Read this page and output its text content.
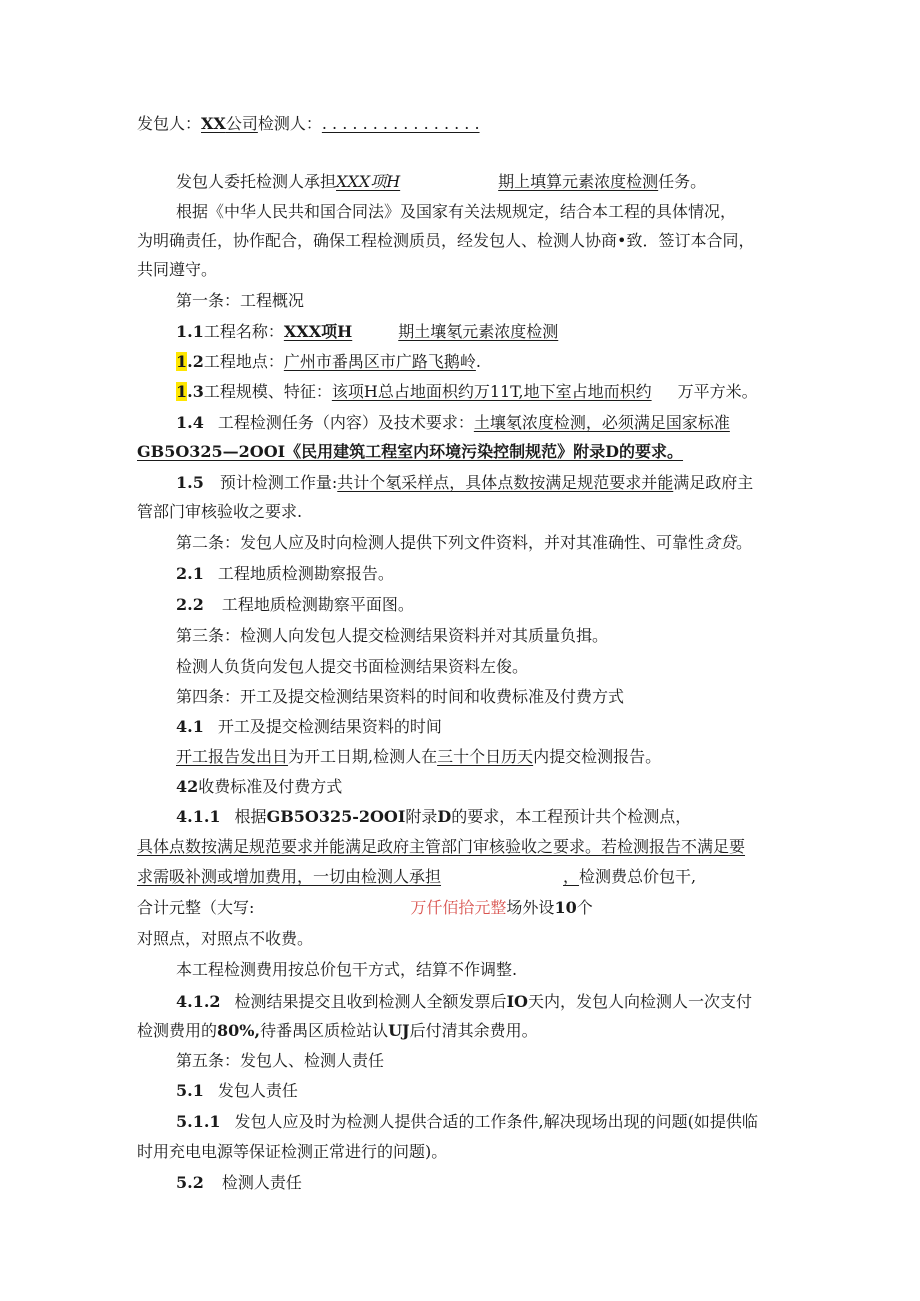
发包人：XX公司检测人：. . . . . . . . . . . . . . . .
发包人委托检测人承担XXX项H	期上填算元素浓度检测任务。
根据《中华人民共和国合同法》及国家有关法规规定，结合本工程的具体情况，
为明确责任，协作配合，确保工程检测质员，经发包人、检测人协商•致．签订本合同，
共同遵守。
第一条：工程概况
1.1工程名称：XXX项H	期土壤氡元素浓度检测
1.2工程地点：广州市番禺区市广路飞鹅岭.
1.3工程规模、特征：该项H总占地面枳约万11T,地下室占地而枳约 万平方米。
1.4 工程检测任务（内容）及技术要求：土壤氡浓度检测，必须满足国家标准
GB5O325—2OOI《民用建筑工程室内环境污染控制规范》附录D的要求。
1.5 预计检测工作量:共计个氡采样点，具体点数按满足规范要求并能满足政府主
管部门审核验收之要求.
第二条：发包人应及时向检测人提供下列文件资料，并对其准确性、可靠性贪贷。
2.1 工程地质检测勘察报告。
2.2 工程地质检测勘察平面图。
第三条：检测人向发包人提交检测结果资料并对其质量负揖。
检测人负货向发包人提交书面检测结果资料左俊。
第四条：开工及提交检测结果资料的时间和收费标准及付费方式
4.1 开工及提交检测结果资料的时间
开工报告发出日为开工日期,检测人在三十个日历天内提交检测报告。
42收费标准及付费方式
4.1.1 根据GB5O325-2OOI附录D的要求，本工程预计共个检测点，
具体点数按满足规范要求并能满足政府主管部门审核验收之要求。若检测报告不满足要
求需吸补测或增加费用，一切由检测人承担	，检测费总价包干,
合计元整（大写:	万仟佰拾元整场外设10个
对照点，对照点不收费。
本工程检测费用按总价包干方式，结算不作调整.
4.1.2 检测结果提交且收到检测人全额发票后IO天内，发包人向检测人一次支付
检测费用的80%,待番禺区质检站认UJ后付清其余费用。
第五条：发包人、检测人责任
5.1 发包人责任
5.1.1 发包人应及时为检测人提供合适的工作条件,解决现场出现的问题(如提供临
时用充电电源等保证检测正常进行的问题)。
5.2 检测人责任
